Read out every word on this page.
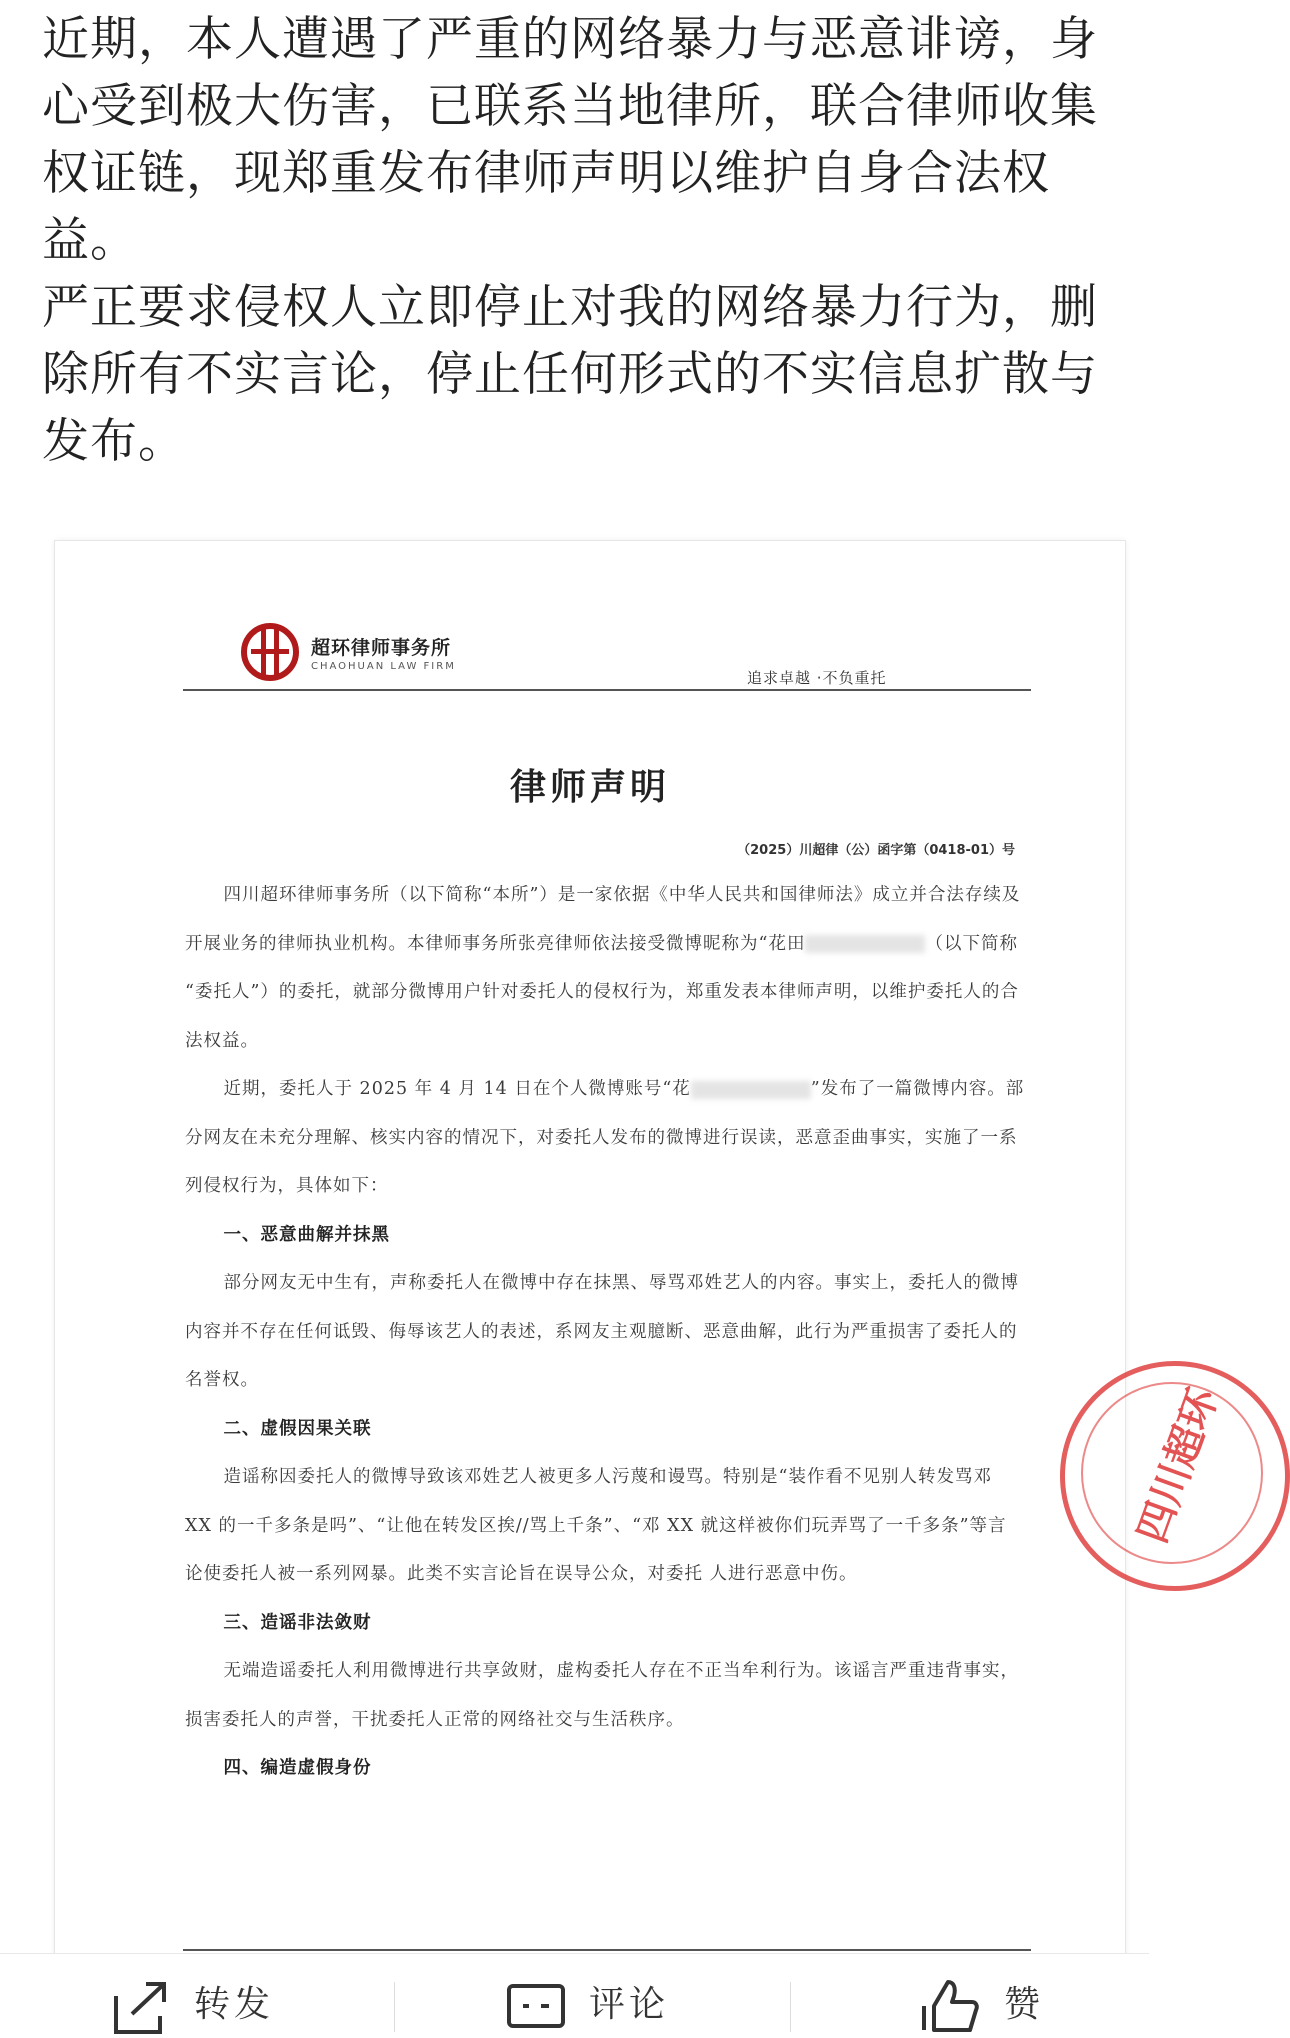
近期，本人遭遇了严重的网络暴力与恶意诽谤，身心受到极大伤害，已联系当地律所，联合律师收集权证链，现郑重发布律师声明以维护自身合法权益。

严正要求侵权人立即停止对我的网络暴力行为，删除所有不实言论，停止任何形式的不实信息扩散与发布。

超环律师事务所
CHAOHUAN LAW FIRM
追求卓越 ·不负重托
律师声明
（2025）川超律（公）函字第（0418-01）号

四川超环律师事务所（以下简称“本所”）是一家依据《中华人民共和国律师法》成立并合法存续及开展业务的律师执业机构。本律师事务所张亮律师依法接受微博昵称为“花田	（以下简称 “委托人”）的委托，就部分微博用户针对委托人的侵权行为，郑重发表本律师声明，以维护委托人的合法权益。

近期，委托人于 2025 年 4 月 14 日在个人微博账号“花	”发布了一篇微博内容。部分网友在未充分理解、核实内容的情况下，对委托人发布的微博进行误读，恶意歪曲事实，实施了一系列侵权行为，具体如下：

一、恶意曲解并抹黑

部分网友无中生有，声称委托人在微博中存在抹黑、辱骂邓姓艺人的内容。事实上，委托人的微博内容并不存在任何诋毁、侮辱该艺人的表述，系网友主观臆断、恶意曲解，此行为严重损害了委托人的名誉权。

二、虚假因果关联

造谣称因委托人的微博导致该邓姓艺人被更多人污蔑和谩骂。特别是“装作看不见别人转发骂邓 XX 的一千多条是吗”、“让他在转发区挨//骂上千条”、“邓 XX 就这样被你们玩弄骂了一千多条”等言论使委托人被一系列网暴。此类不实言论旨在误导公众，对委托 人进行恶意中伤。

三、造谣非法敛财

无端造谣委托人利用微博进行共享敛财，虚构委托人存在不正当牟利行为。该谣言严重违背事实，损害委托人的声誉，干扰委托人正常的网络社交与生活秩序。

四、编造虚假身份
四川超环
转发	评论	赞
